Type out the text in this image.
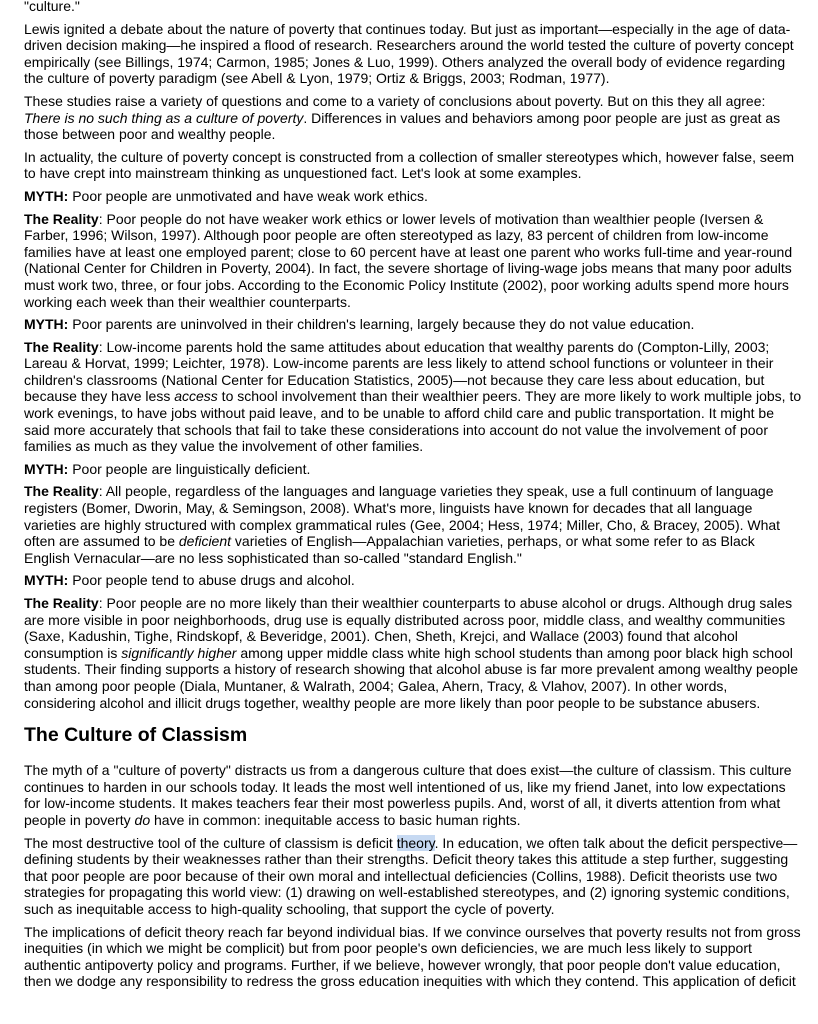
"culture."

Lewis ignited a debate about the nature of poverty that continues today. But just as important—especially in the age of data-driven decision making—he inspired a flood of research. Researchers around the world tested the culture of poverty concept empirically (see Billings, 1974; Carmon, 1985; Jones & Luo, 1999). Others analyzed the overall body of evidence regarding the culture of poverty paradigm (see Abell & Lyon, 1979; Ortiz & Briggs, 2003; Rodman, 1977).

These studies raise a variety of questions and come to a variety of conclusions about poverty. But on this they all agree: There is no such thing as a culture of poverty. Differences in values and behaviors among poor people are just as great as those between poor and wealthy people.

In actuality, the culture of poverty concept is constructed from a collection of smaller stereotypes which, however false, seem to have crept into mainstream thinking as unquestioned fact. Let's look at some examples.

MYTH: Poor people are unmotivated and have weak work ethics.

The Reality: Poor people do not have weaker work ethics or lower levels of motivation than wealthier people (Iversen & Farber, 1996; Wilson, 1997). Although poor people are often stereotyped as lazy, 83 percent of children from low-income families have at least one employed parent; close to 60 percent have at least one parent who works full-time and year-round (National Center for Children in Poverty, 2004). In fact, the severe shortage of living-wage jobs means that many poor adults must work two, three, or four jobs. According to the Economic Policy Institute (2002), poor working adults spend more hours working each week than their wealthier counterparts.

MYTH: Poor parents are uninvolved in their children's learning, largely because they do not value education.

The Reality: Low-income parents hold the same attitudes about education that wealthy parents do (Compton-Lilly, 2003; Lareau & Horvat, 1999; Leichter, 1978). Low-income parents are less likely to attend school functions or volunteer in their children's classrooms (National Center for Education Statistics, 2005)—not because they care less about education, but because they have less access to school involvement than their wealthier peers. They are more likely to work multiple jobs, to work evenings, to have jobs without paid leave, and to be unable to afford child care and public transportation. It might be said more accurately that schools that fail to take these considerations into account do not value the involvement of poor families as much as they value the involvement of other families.

MYTH: Poor people are linguistically deficient.

The Reality: All people, regardless of the languages and language varieties they speak, use a full continuum of language registers (Bomer, Dworin, May, & Semingson, 2008). What's more, linguists have known for decades that all language varieties are highly structured with complex grammatical rules (Gee, 2004; Hess, 1974; Miller, Cho, & Bracey, 2005). What often are assumed to be deficient varieties of English—Appalachian varieties, perhaps, or what some refer to as Black English Vernacular—are no less sophisticated than so-called "standard English."

MYTH: Poor people tend to abuse drugs and alcohol.

The Reality: Poor people are no more likely than their wealthier counterparts to abuse alcohol or drugs. Although drug sales are more visible in poor neighborhoods, drug use is equally distributed across poor, middle class, and wealthy communities (Saxe, Kadushin, Tighe, Rindskopf, & Beveridge, 2001). Chen, Sheth, Krejci, and Wallace (2003) found that alcohol consumption is significantly higher among upper middle class white high school students than among poor black high school students. Their finding supports a history of research showing that alcohol abuse is far more prevalent among wealthy people than among poor people (Diala, Muntaner, & Walrath, 2004; Galea, Ahern, Tracy, & Vlahov, 2007). In other words, considering alcohol and illicit drugs together, wealthy people are more likely than poor people to be substance abusers.

The Culture of Classism

The myth of a "culture of poverty" distracts us from a dangerous culture that does exist—the culture of classism. This culture continues to harden in our schools today. It leads the most well intentioned of us, like my friend Janet, into low expectations for low-income students. It makes teachers fear their most powerless pupils. And, worst of all, it diverts attention from what people in poverty do have in common: inequitable access to basic human rights.

The most destructive tool of the culture of classism is deficit theory. In education, we often talk about the deficit perspective—defining students by their weaknesses rather than their strengths. Deficit theory takes this attitude a step further, suggesting that poor people are poor because of their own moral and intellectual deficiencies (Collins, 1988). Deficit theorists use two strategies for propagating this world view: (1) drawing on well-established stereotypes, and (2) ignoring systemic conditions, such as inequitable access to high-quality schooling, that support the cycle of poverty.

The implications of deficit theory reach far beyond individual bias. If we convince ourselves that poverty results not from gross inequities (in which we might be complicit) but from poor people's own deficiencies, we are much less likely to support authentic antipoverty policy and programs. Further, if we believe, however wrongly, that poor people don't value education, then we dodge any responsibility to redress the gross education inequities with which they contend. This application of deficit
